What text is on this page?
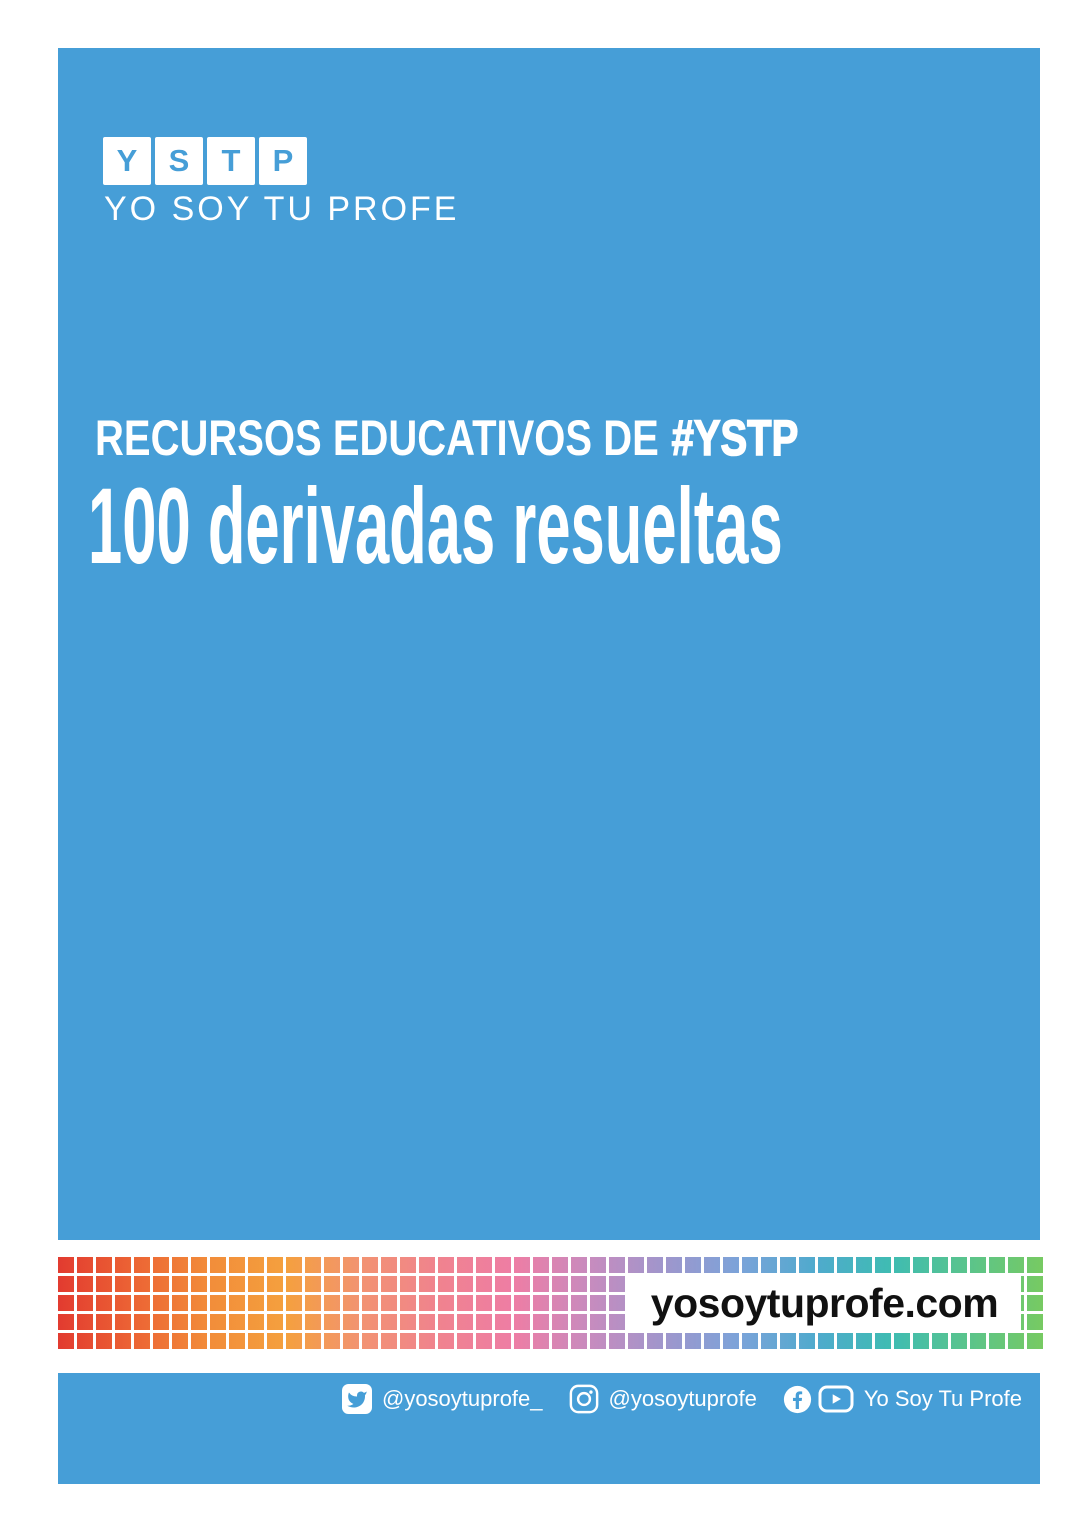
Y S T P
YO SOY TU PROFE
RECURSOS EDUCATIVOS DE #YSTP
100 derivadas resueltas
yosoytuprofe.com
@yosoytuprofe_	@yosoytuprofe	Yo Soy Tu Profe
